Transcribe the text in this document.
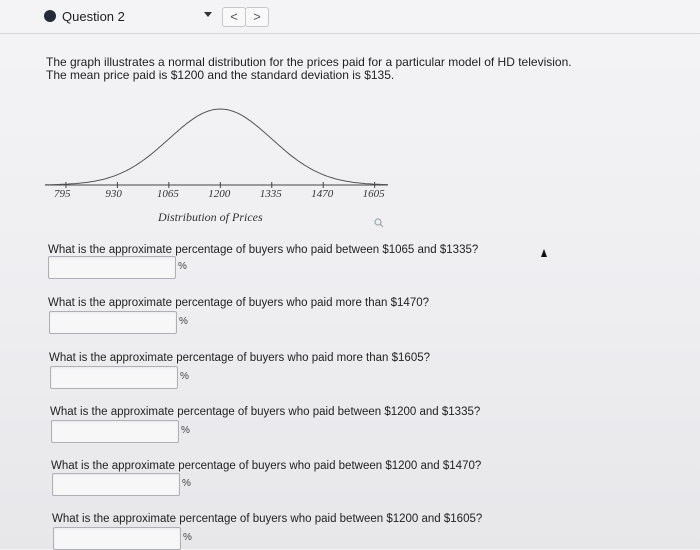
Question 2	<	>
The graph illustrates a normal distribution for the prices paid for a particular model of HD television.
The mean price paid is $1200 and the standard deviation is $135.
795	930	1065	1200	1335	1470	1605
Distribution of Prices
What is the approximate percentage of buyers who paid between $1065 and $1335?
%
What is the approximate percentage of buyers who paid more than $1470?
%
What is the approximate percentage of buyers who paid more than $1605?
%
What is the approximate percentage of buyers who paid between $1200 and $1335?
%
What is the approximate percentage of buyers who paid between $1200 and $1470?
%
What is the approximate percentage of buyers who paid between $1200 and $1605?
%
